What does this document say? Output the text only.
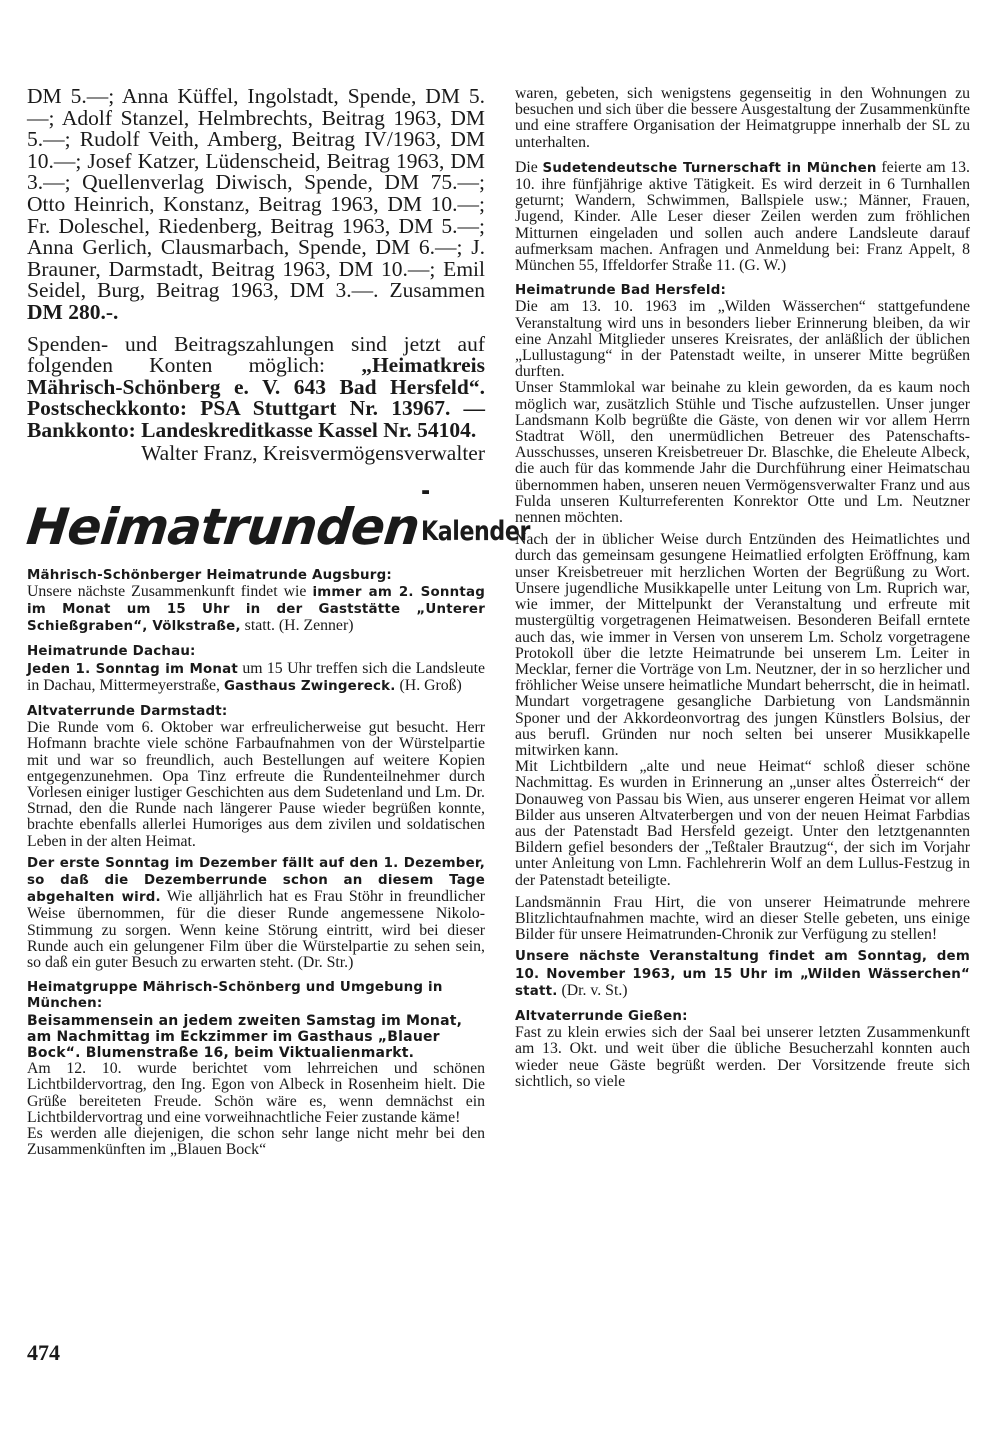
DM 5.—; Anna Küffel, Ingolstadt, Spende, DM 5.—; Adolf Stanzel, Helmbrechts, Beitrag 1963, DM 5.—; Rudolf Veith, Amberg, Beitrag IV/1963, DM 10.—; Josef Katzer, Lüdenscheid, Beitrag 1963, DM 3.—; Quellenverlag Diwisch, Spende, DM 75.—; Otto Heinrich, Konstanz, Beitrag 1963, DM 10.—; Fr. Doleschel, Riedenberg, Beitrag 1963, DM 5.—; Anna Gerlich, Clausmarbach, Spende, DM 6.—; J. Brauner, Darmstadt, Beitrag 1963, DM 10.—; Emil Seidel, Burg, Beitrag 1963, DM 3.—. Zusammen DM 280.-.

Spenden- und Beitragszahlungen sind jetzt auf folgenden Konten möglich: „Heimatkreis Mährisch-Schönberg e. V. 643 Bad Hersfeld“. Postscheckkonto: PSA Stuttgart Nr. 13967. — Bankkonto: Landeskreditkasse Kassel Nr. 54104.

Walter Franz, Kreisvermögensverwalter

Heimatrunden
-Kalender

Mährisch-Schönberger Heimatrunde Augsburg:

Unsere nächste Zusammenkunft findet wie immer am 2. Sonntag im Monat um 15 Uhr in der Gaststätte „Unterer Schießgraben“, Völkstraße, statt. (H. Zenner)

Heimatrunde Dachau:

Jeden 1. Sonntag im Monat um 15 Uhr treffen sich die Landsleute in Dachau, Mittermeyerstraße, Gasthaus Zwingereck. (H. Groß)

Altvaterrunde Darmstadt:

Die Runde vom 6. Oktober war erfreulicherweise gut besucht. Herr Hofmann brachte viele schöne Farbaufnahmen von der Würstelpartie mit und war so freundlich, auch Bestellungen auf weitere Kopien entgegenzunehmen. Opa Tinz erfreute die Rundenteilnehmer durch Vorlesen einiger lustiger Geschichten aus dem Sudetenland und Lm. Dr. Strnad, den die Runde nach längerer Pause wieder begrüßen konnte, brachte ebenfalls allerlei Humoriges aus dem zivilen und soldatischen Leben in der alten Heimat.

Der erste Sonntag im Dezember fällt auf den 1. Dezember, so daß die Dezemberrunde schon an diesem Tage abgehalten wird. Wie alljährlich hat es Frau Stöhr in freundlicher Weise übernommen, für die dieser Runde angemessene Nikolo-Stimmung zu sorgen. Wenn keine Störung eintritt, wird bei dieser Runde auch ein gelungener Film über die Würstelpartie zu sehen sein, so daß ein guter Besuch zu erwarten steht. (Dr. Str.)

Heimatgruppe Mährisch-Schönberg und Umgebung in München:

Beisammensein an jedem zweiten Samstag im Monat, am Nachmittag im Eckzimmer im Gasthaus „Blauer Bock“. Blumenstraße 16, beim Viktualienmarkt.

Am 12. 10. wurde berichtet vom lehrreichen und schönen Lichtbildervortrag, den Ing. Egon von Albeck in Rosenheim hielt. Die Grüße bereiteten Freude. Schön wäre es, wenn demnächst ein Lichtbildervortrag und eine vorweihnachtliche Feier zustande käme!

Es werden alle diejenigen, die schon sehr lange nicht mehr bei den Zusammenkünften im „Blauen Bock“

waren, gebeten, sich wenigstens gegenseitig in den Wohnungen zu besuchen und sich über die bessere Ausgestaltung der Zusammenkünfte und eine straffere Organisation der Heimatgruppe innerhalb der SL zu unterhalten.

Die Sudetendeutsche Turnerschaft in München feierte am 13. 10. ihre fünfjährige aktive Tätigkeit. Es wird derzeit in 6 Turnhallen geturnt; Wandern, Schwimmen, Ballspiele usw.; Männer, Frauen, Jugend, Kinder. Alle Leser dieser Zeilen werden zum fröhlichen Mitturnen eingeladen und sollen auch andere Landsleute darauf aufmerksam machen. Anfragen und Anmeldung bei: Franz Appelt, 8 München 55, Iffeldorfer Straße 11. (G. W.)

Heimatrunde Bad Hersfeld:

Die am 13. 10. 1963 im „Wilden Wässerchen“ stattgefundene Veranstaltung wird uns in besonders lieber Erinnerung bleiben, da wir eine Anzahl Mitglieder unseres Kreisrates, der anläßlich der üblichen „Lullustagung“ in der Patenstadt weilte, in unserer Mitte begrüßen durften.

Unser Stammlokal war beinahe zu klein geworden, da es kaum noch möglich war, zusätzlich Stühle und Tische aufzustellen. Unser junger Landsmann Kolb begrüßte die Gäste, von denen wir vor allem Herrn Stadtrat Wöll, den unermüdlichen Betreuer des Patenschafts-Ausschusses, unseren Kreisbetreuer Dr. Blaschke, die Eheleute Albeck, die auch für das kommende Jahr die Durchführung einer Heimatschau übernommen haben, unseren neuen Vermögensverwalter Franz und aus Fulda unseren Kulturreferenten Konrektor Otte und Lm. Neutzner nennen möchten.

Nach der in üblicher Weise durch Entzünden des Heimatlichtes und durch das gemeinsam gesungene Heimatlied erfolgten Eröffnung, kam unser Kreisbetreuer mit herzlichen Worten der Begrüßung zu Wort. Unsere jugendliche Musikkapelle unter Leitung von Lm. Ruprich war, wie immer, der Mittelpunkt der Veranstaltung und erfreute mit mustergültig vorgetragenen Heimatweisen. Besonderen Beifall erntete auch das, wie immer in Versen von unserem Lm. Scholz vorgetragene Protokoll über die letzte Heimatrunde bei unserem Lm. Leiter in Mecklar, ferner die Vorträge von Lm. Neutzner, der in so herzlicher und fröhlicher Weise unsere heimatliche Mundart beherrscht, die in heimatl. Mundart vorgetragene gesangliche Darbietung von Landsmännin Sponer und der Akkordeonvortrag des jungen Künstlers Bolsius, der aus berufl. Gründen nur noch selten bei unserer Musikkapelle mitwirken kann.

Mit Lichtbildern „alte und neue Heimat“ schloß dieser schöne Nachmittag. Es wurden in Erinnerung an „unser altes Österreich“ der Donauweg von Passau bis Wien, aus unserer engeren Heimat vor allem Bilder aus unseren Altvaterbergen und von der neuen Heimat Farbdias aus der Patenstadt Bad Hersfeld gezeigt. Unter den letztgenannten Bildern gefiel besonders der „Teßtaler Brautzug“, der sich im Vorjahr unter Anleitung von Lmn. Fachlehrerin Wolf an dem Lullus-Festzug in der Patenstadt beteiligte.

Landsmännin Frau Hirt, die von unserer Heimatrunde mehrere Blitzlichtaufnahmen machte, wird an dieser Stelle gebeten, uns einige Bilder für unsere Heimatrunden-Chronik zur Verfügung zu stellen!

Unsere nächste Veranstaltung findet am Sonntag, dem 10. November 1963, um 15 Uhr im „Wilden Wässerchen“ statt. (Dr. v. St.)

Altvaterrunde Gießen:

Fast zu klein erwies sich der Saal bei unserer letzten Zusammenkunft am 13. Okt. und weit über die übliche Besucherzahl konnten auch wieder neue Gäste begrüßt werden. Der Vorsitzende freute sich sichtlich, so viele

474
